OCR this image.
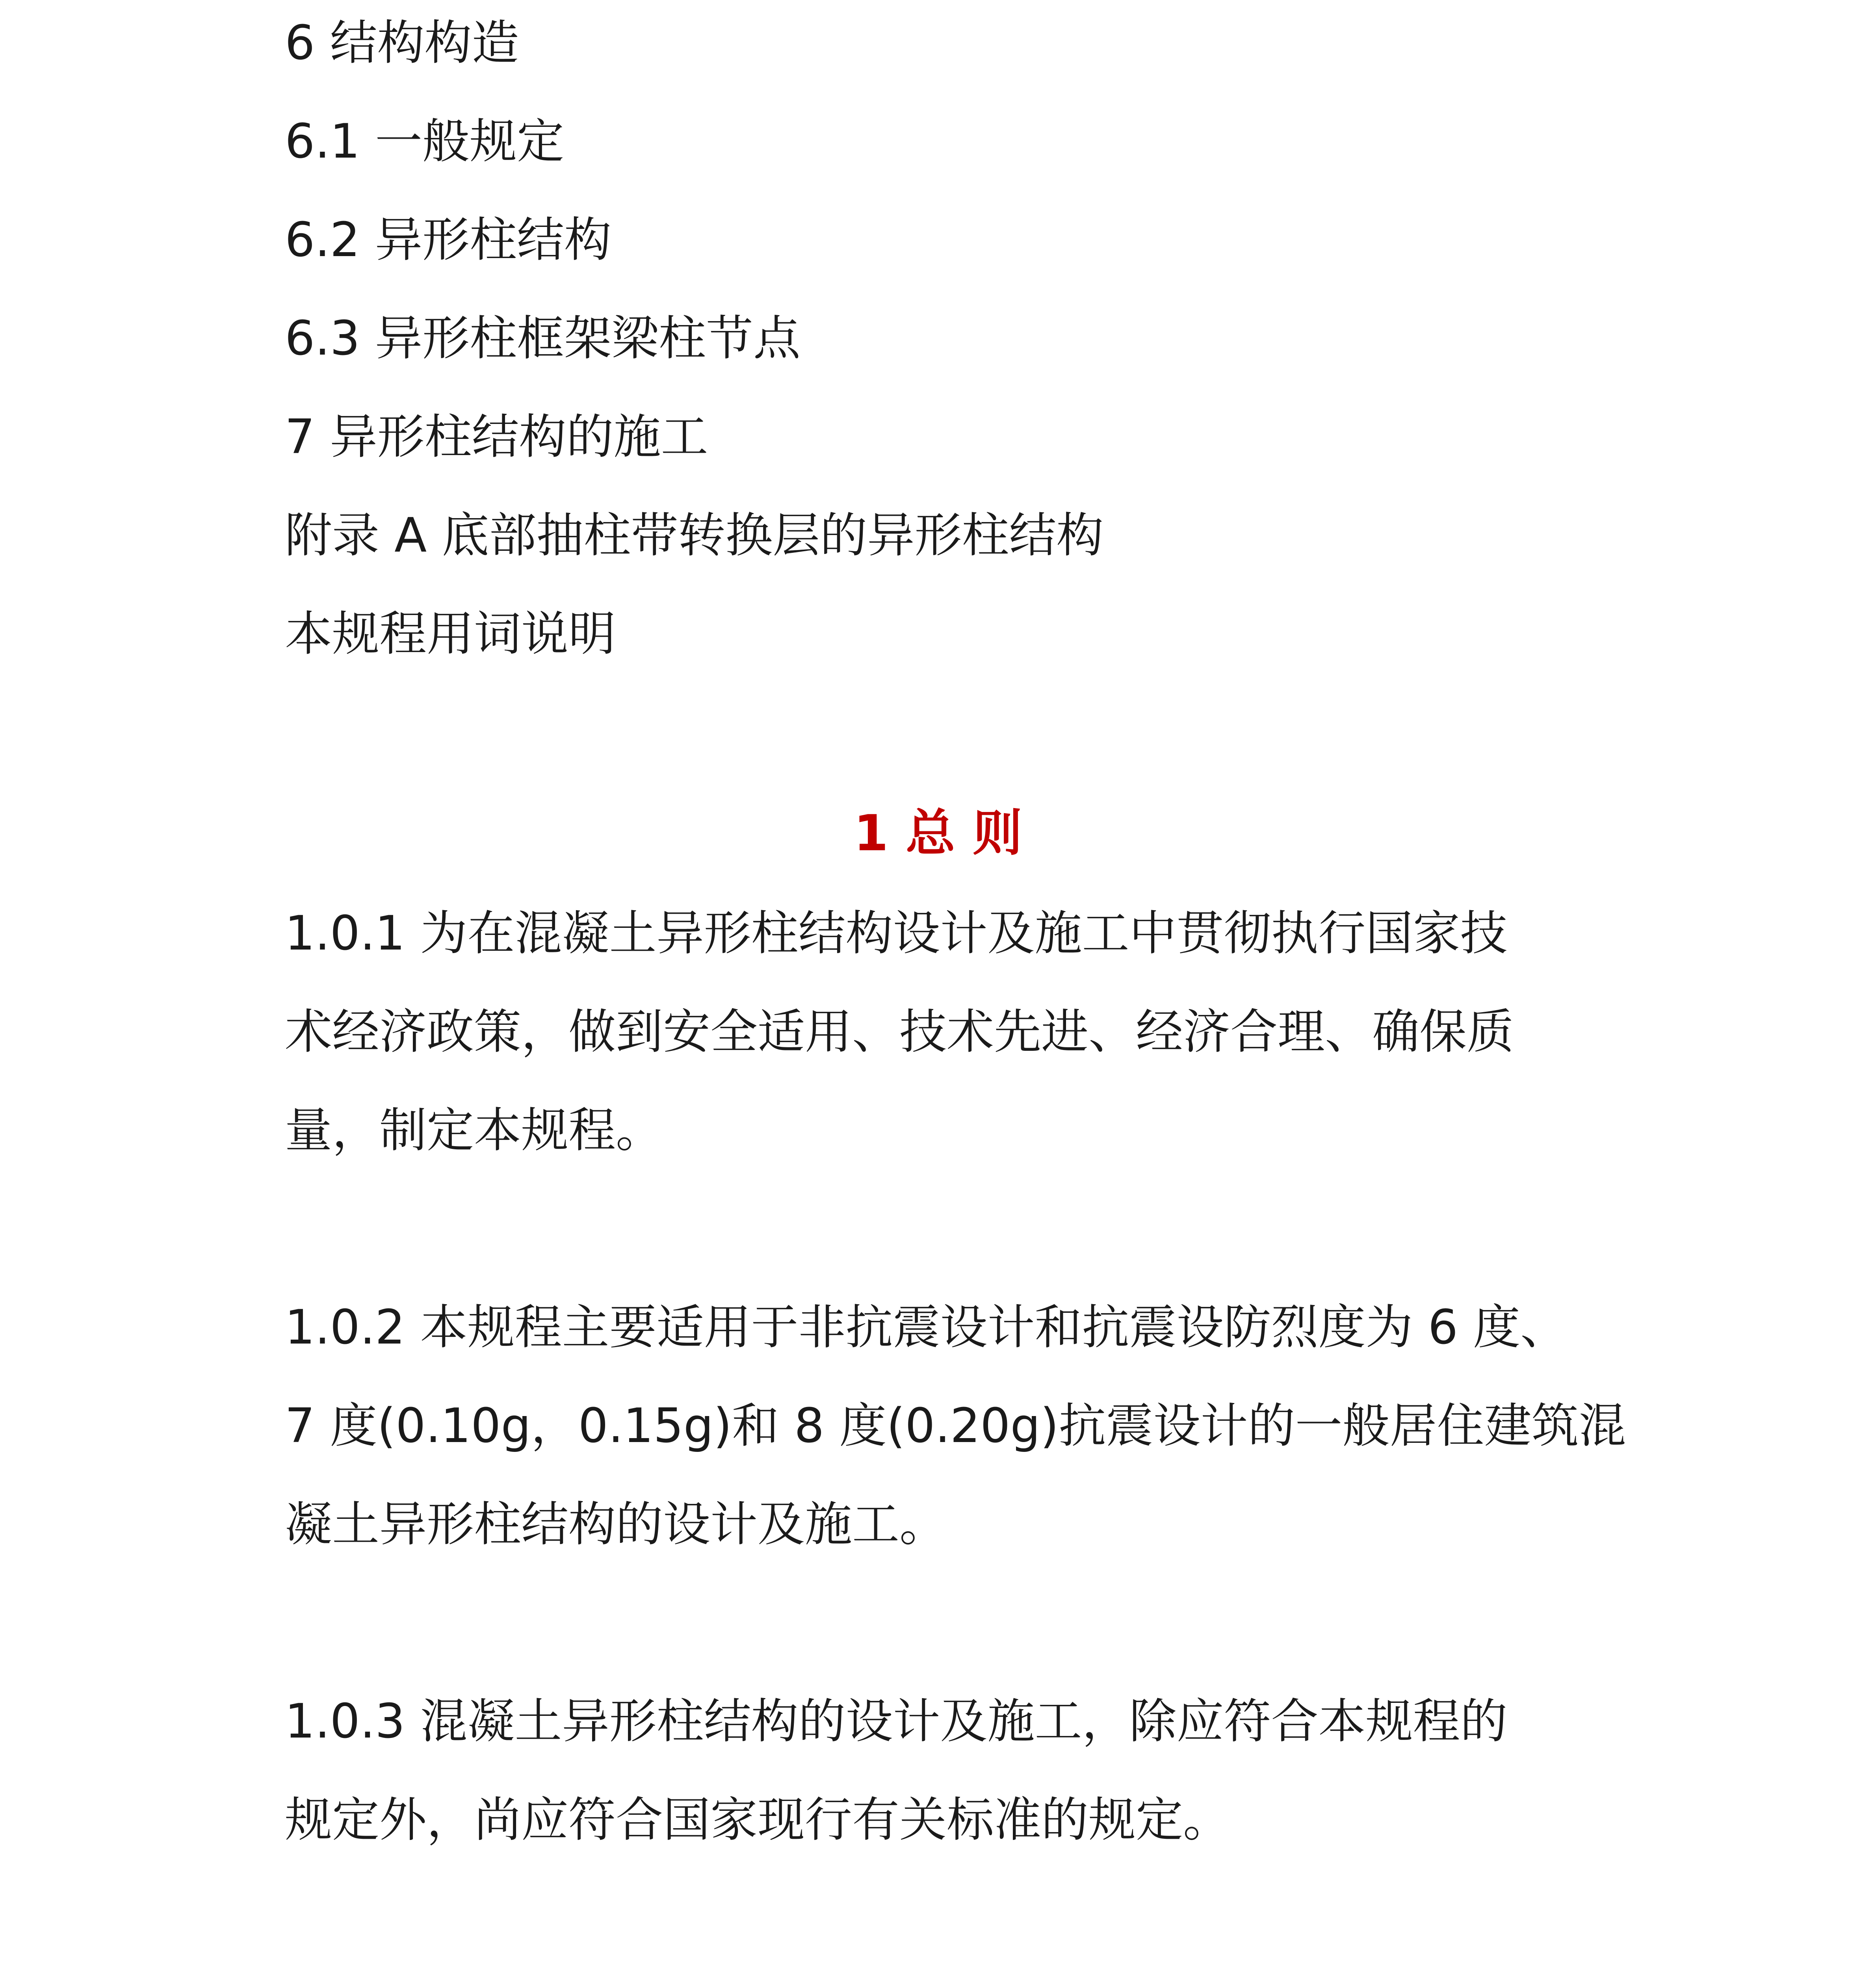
6 结构构造
6.1 一般规定
6.2 异形柱结构
6.3 异形柱框架梁柱节点
7 异形柱结构的施工
附录 A 底部抽柱带转换层的异形柱结构
本规程用词说明
1 总 则
1.0.1 为在混凝土异形柱结构设计及施工中贯彻执行国家技
术经济政策，做到安全适用、技术先进、经济合理、确保质
量，制定本规程。
1.0.2 本规程主要适用于非抗震设计和抗震设防烈度为 6 度、
7 度(0.10g，0.15g)和 8 度(0.20g)抗震设计的一般居住建筑混
凝土异形柱结构的设计及施工。
1.0.3 混凝土异形柱结构的设计及施工，除应符合本规程的
规定外，尚应符合国家现行有关标准的规定。
